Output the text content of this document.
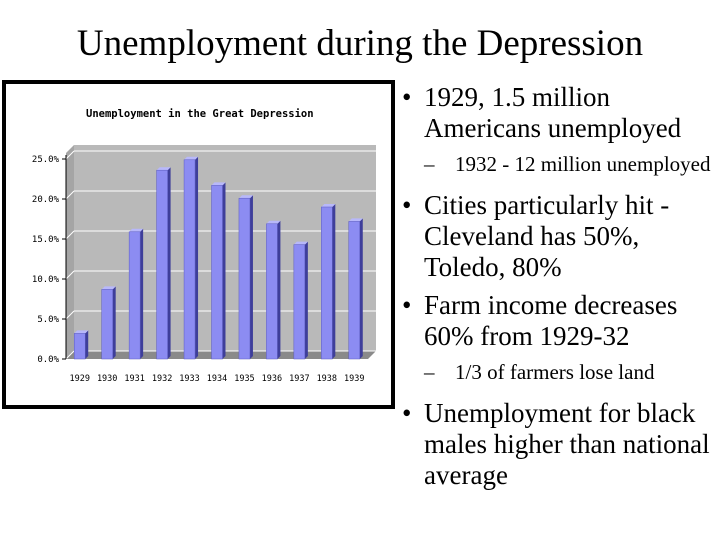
Unemployment during the Depression
Unemployment in the Great Depression
0.0%
5.0%
10.0%
15.0%
20.0%
25.0%
1929 1930 1931 1932 1933 1934 1935 1936 1937 1938 1939
• 1929, 1.5 million Americans unemployed
– 1932 - 12 million unemployed
• Cities particularly hit - Cleveland has 50%, Toledo, 80%
• Farm income decreases 60% from 1929-32
– 1/3 of farmers lose land
• Unemployment for black males higher than national average
